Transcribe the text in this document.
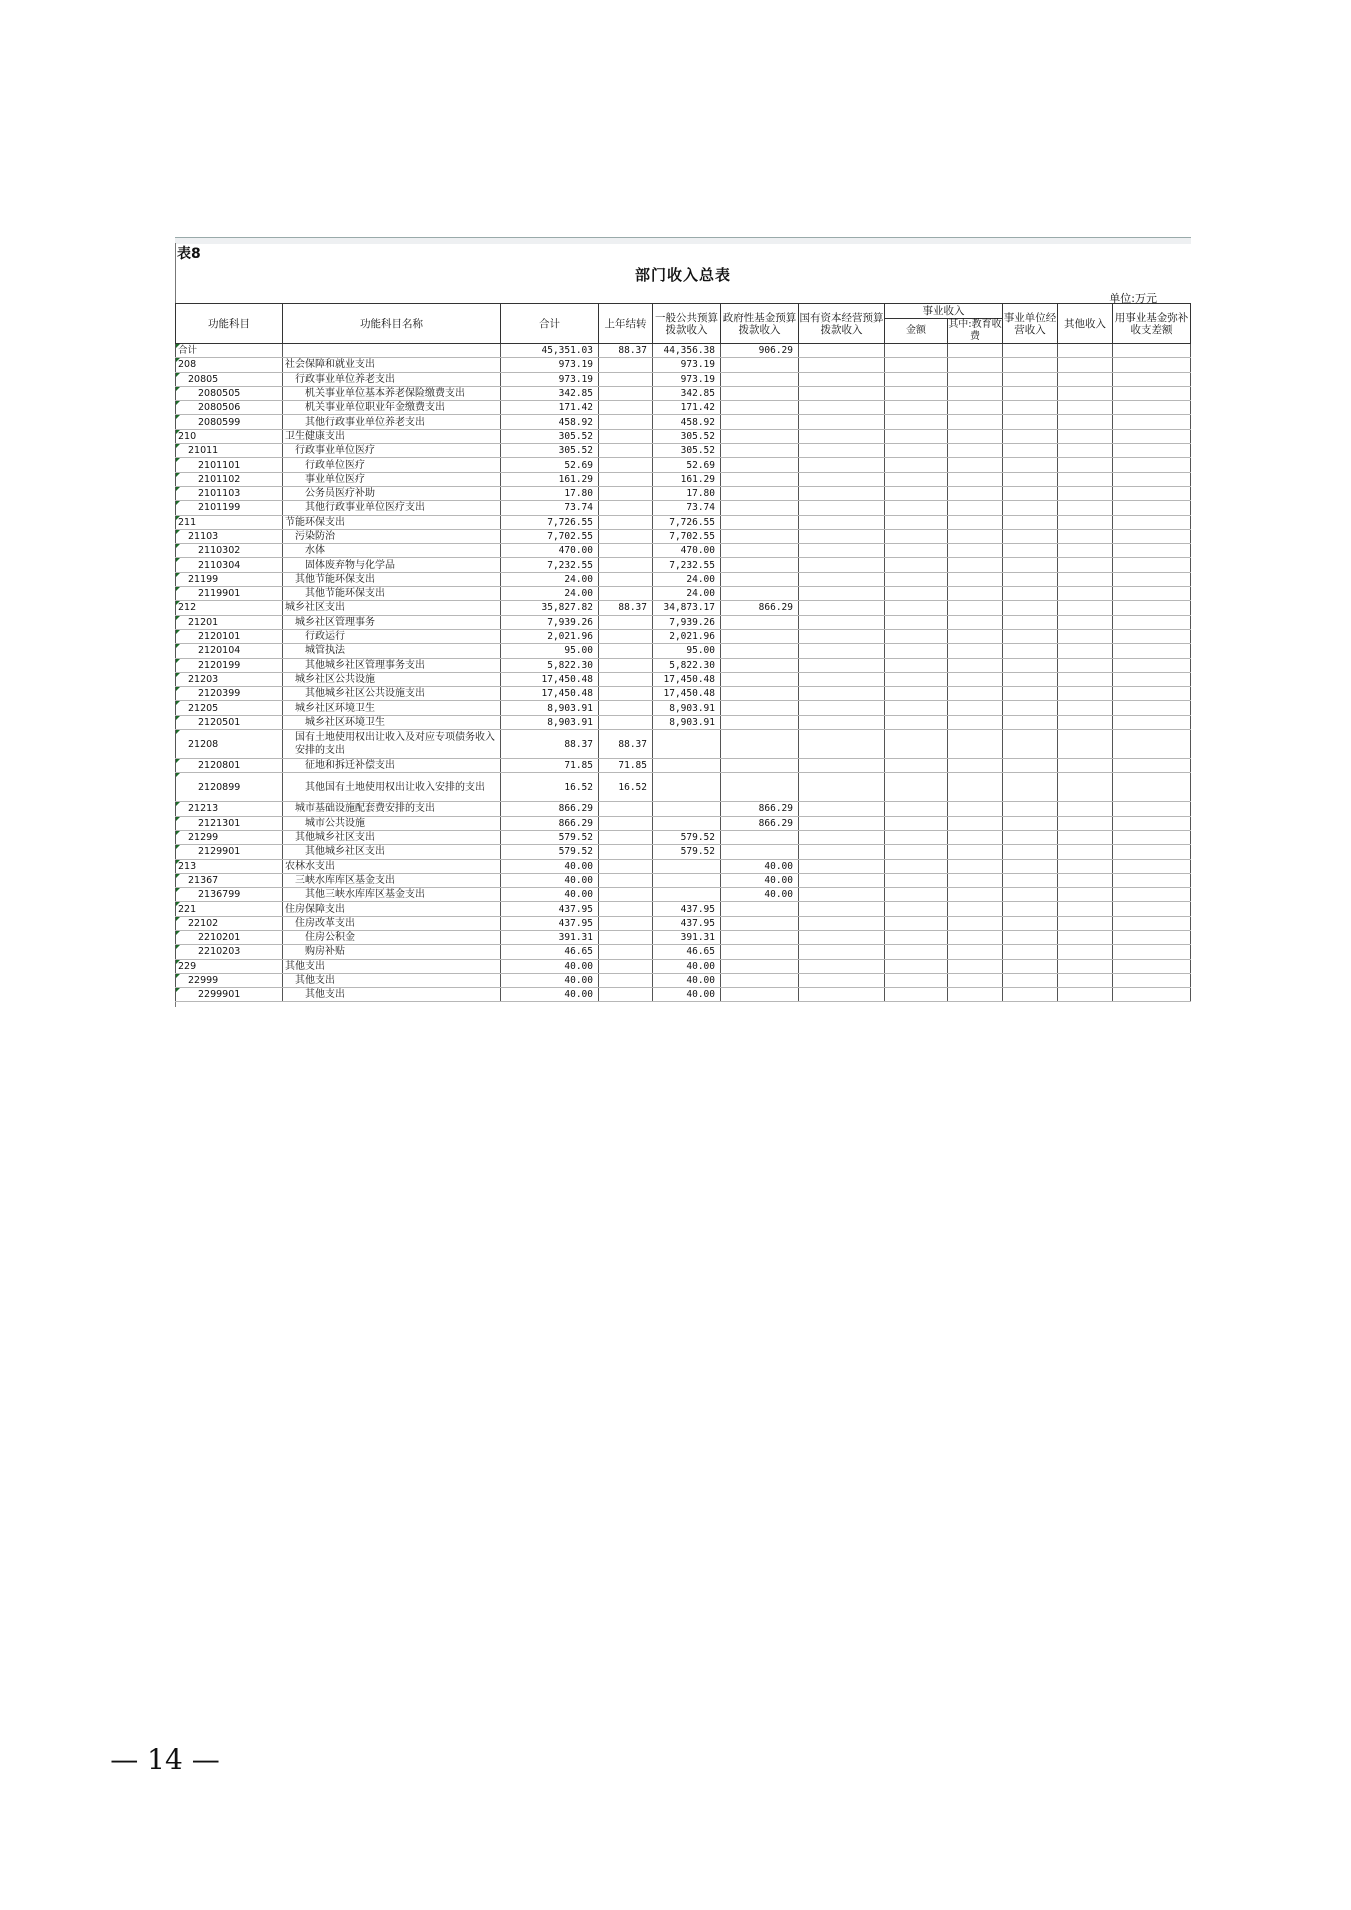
表8
部门收入总表
单位:万元
功能科目	功能科目名称	合计	上年结转	一般公共预算拨款收入	政府性基金预算拨款收入	国有资本经营预算拨款收入	事业收入		事业单位经营收入	其他收入	用事业基金弥补收支差额
							金额	其中:教育收费			
合计		45,351.03	88.37	44,356.38	906.29						
208	社会保障和就业支出	973.19		973.19							
20805	行政事业单位养老支出	973.19		973.19							
2080505	机关事业单位基本养老保险缴费支出	342.85		342.85							
2080506	机关事业单位职业年金缴费支出	171.42		171.42							
2080599	其他行政事业单位养老支出	458.92		458.92							
210	卫生健康支出	305.52		305.52							
21011	行政事业单位医疗	305.52		305.52							
2101101	行政单位医疗	52.69		52.69							
2101102	事业单位医疗	161.29		161.29							
2101103	公务员医疗补助	17.80		17.80							
2101199	其他行政事业单位医疗支出	73.74		73.74							
211	节能环保支出	7,726.55		7,726.55							
21103	污染防治	7,702.55		7,702.55							
2110302	水体	470.00		470.00							
2110304	固体废弃物与化学品	7,232.55		7,232.55							
21199	其他节能环保支出	24.00		24.00							
2119901	其他节能环保支出	24.00		24.00							
212	城乡社区支出	35,827.82	88.37	34,873.17	866.29						
21201	城乡社区管理事务	7,939.26		7,939.26							
2120101	行政运行	2,021.96		2,021.96							
2120104	城管执法	95.00		95.00							
2120199	其他城乡社区管理事务支出	5,822.30		5,822.30							
21203	城乡社区公共设施	17,450.48		17,450.48							
2120399	其他城乡社区公共设施支出	17,450.48		17,450.48							
21205	城乡社区环境卫生	8,903.91		8,903.91							
2120501	城乡社区环境卫生	8,903.91		8,903.91							
21208	国有土地使用权出让收入及对应专项债务收入安排的支出	88.37	88.37								
2120801	征地和拆迁补偿支出	71.85	71.85								
2120899	其他国有土地使用权出让收入安排的支出	16.52	16.52								
21213	城市基础设施配套费安排的支出	866.29			866.29						
2121301	城市公共设施	866.29			866.29						
21299	其他城乡社区支出	579.52		579.52							
2129901	其他城乡社区支出	579.52		579.52							
213	农林水支出	40.00			40.00						
21367	三峡水库库区基金支出	40.00			40.00						
2136799	其他三峡水库库区基金支出	40.00			40.00						
221	住房保障支出	437.95		437.95							
22102	住房改革支出	437.95		437.95							
2210201	住房公积金	391.31		391.31							
2210203	购房补贴	46.65		46.65							
229	其他支出	40.00		40.00							
22999	其他支出	40.00		40.00							
2299901	其他支出	40.00		40.00							
— 14 —
